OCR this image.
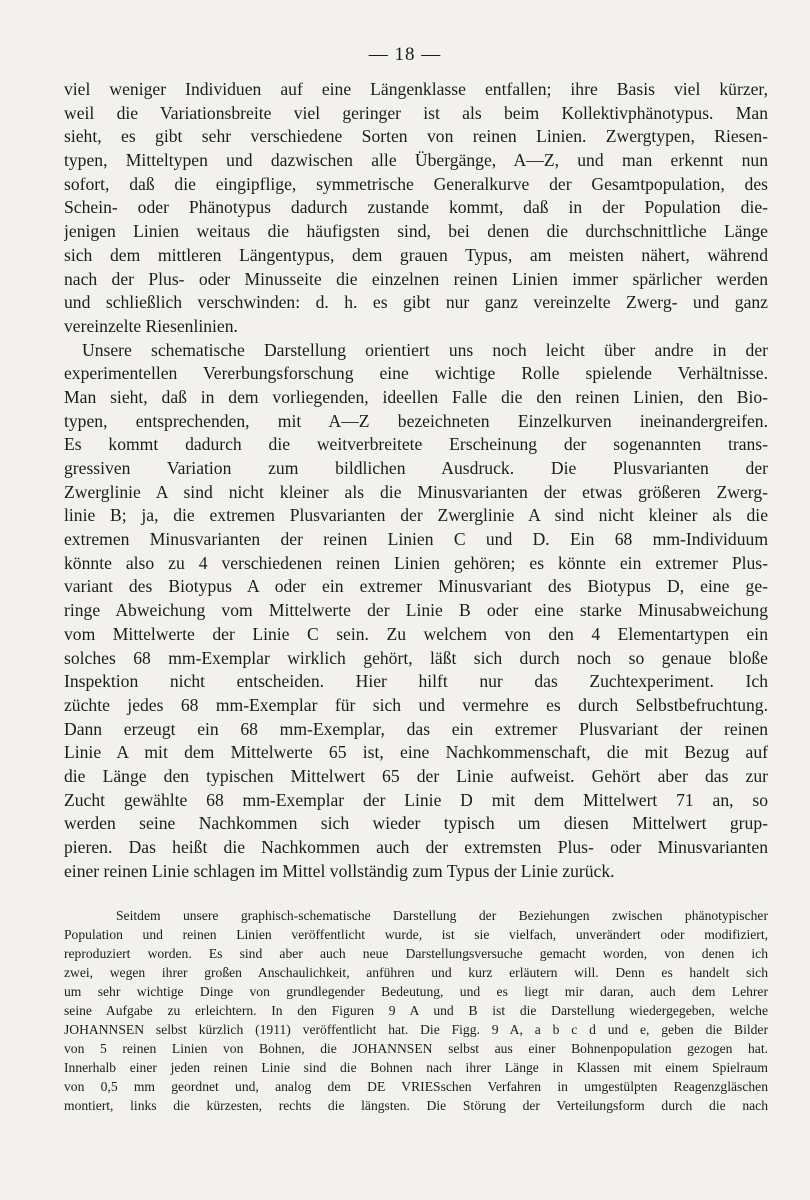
— 18 —
viel weniger Individuen auf eine Längenklasse entfallen; ihre Basis viel kürzer,
weil die Variationsbreite viel geringer ist als beim Kollektivphänotypus. Man
sieht, es gibt sehr verschiedene Sorten von reinen Linien. Zwergtypen, Riesen-
typen, Mitteltypen und dazwischen alle Übergänge, A—Z, und man erkennt nun
sofort, daß die eingipflige, symmetrische Generalkurve der Gesamtpopulation, des
Schein- oder Phänotypus dadurch zustande kommt, daß in der Population die-
jenigen Linien weitaus die häufigsten sind, bei denen die durchschnittliche Länge
sich dem mittleren Längentypus, dem grauen Typus, am meisten nähert, während
nach der Plus- oder Minusseite die einzelnen reinen Linien immer spärlicher werden
und schließlich verschwinden: d. h. es gibt nur ganz vereinzelte Zwerg- und ganz
vereinzelte Riesenlinien.
Unsere schematische Darstellung orientiert uns noch leicht über andre in der
experimentellen Vererbungsforschung eine wichtige Rolle spielende Verhältnisse.
Man sieht, daß in dem vorliegenden, ideellen Falle die den reinen Linien, den Bio-
typen, entsprechenden, mit A—Z bezeichneten Einzelkurven ineinandergreifen.
Es kommt dadurch die weitverbreitete Erscheinung der sogenannten trans-
gressiven Variation zum bildlichen Ausdruck. Die Plusvarianten der
Zwerglinie A sind nicht kleiner als die Minusvarianten der etwas größeren Zwerg-
linie B; ja, die extremen Plusvarianten der Zwerglinie A sind nicht kleiner als die
extremen Minusvarianten der reinen Linien C und D. Ein 68 mm-Individuum
könnte also zu 4 verschiedenen reinen Linien gehören; es könnte ein extremer Plus-
variant des Biotypus A oder ein extremer Minusvariant des Biotypus D, eine ge-
ringe Abweichung vom Mittelwerte der Linie B oder eine starke Minusabweichung
vom Mittelwerte der Linie C sein. Zu welchem von den 4 Elementartypen ein
solches 68 mm-Exemplar wirklich gehört, läßt sich durch noch so genaue bloße
Inspektion nicht entscheiden. Hier hilft nur das Zuchtexperiment. Ich
züchte jedes 68 mm-Exemplar für sich und vermehre es durch Selbstbefruchtung.
Dann erzeugt ein 68 mm-Exemplar, das ein extremer Plusvariant der reinen
Linie A mit dem Mittelwerte 65 ist, eine Nachkommenschaft, die mit Bezug auf
die Länge den typischen Mittelwert 65 der Linie aufweist. Gehört aber das zur
Zucht gewählte 68 mm-Exemplar der Linie D mit dem Mittelwert 71 an, so
werden seine Nachkommen sich wieder typisch um diesen Mittelwert grup-
pieren. Das heißt die Nachkommen auch der extremsten Plus- oder Minusvarianten
einer reinen Linie schlagen im Mittel vollständig zum Typus der Linie zurück.
Seitdem unsere graphisch-schematische Darstellung der Beziehungen zwischen phänotypischer
Population und reinen Linien veröffentlicht wurde, ist sie vielfach, unverändert oder modifiziert,
reproduziert worden. Es sind aber auch neue Darstellungsversuche gemacht worden, von denen ich
zwei, wegen ihrer großen Anschaulichkeit, anführen und kurz erläutern will. Denn es handelt sich
um sehr wichtige Dinge von grundlegender Bedeutung, und es liegt mir daran, auch dem Lehrer
seine Aufgabe zu erleichtern. In den Figuren 9 A und B ist die Darstellung wiedergegeben, welche
JOHANNSEN selbst kürzlich (1911) veröffentlicht hat. Die Figg. 9 A, a b c d und e, geben die Bilder
von 5 reinen Linien von Bohnen, die JOHANNSEN selbst aus einer Bohnenpopulation gezogen hat.
Innerhalb einer jeden reinen Linie sind die Bohnen nach ihrer Länge in Klassen mit einem Spielraum
von 0,5 mm geordnet und, analog dem DE VRIESschen Verfahren in umgestülpten Reagenzgläschen
montiert, links die kürzesten, rechts die längsten. Die Störung der Verteilungsform durch die nach
